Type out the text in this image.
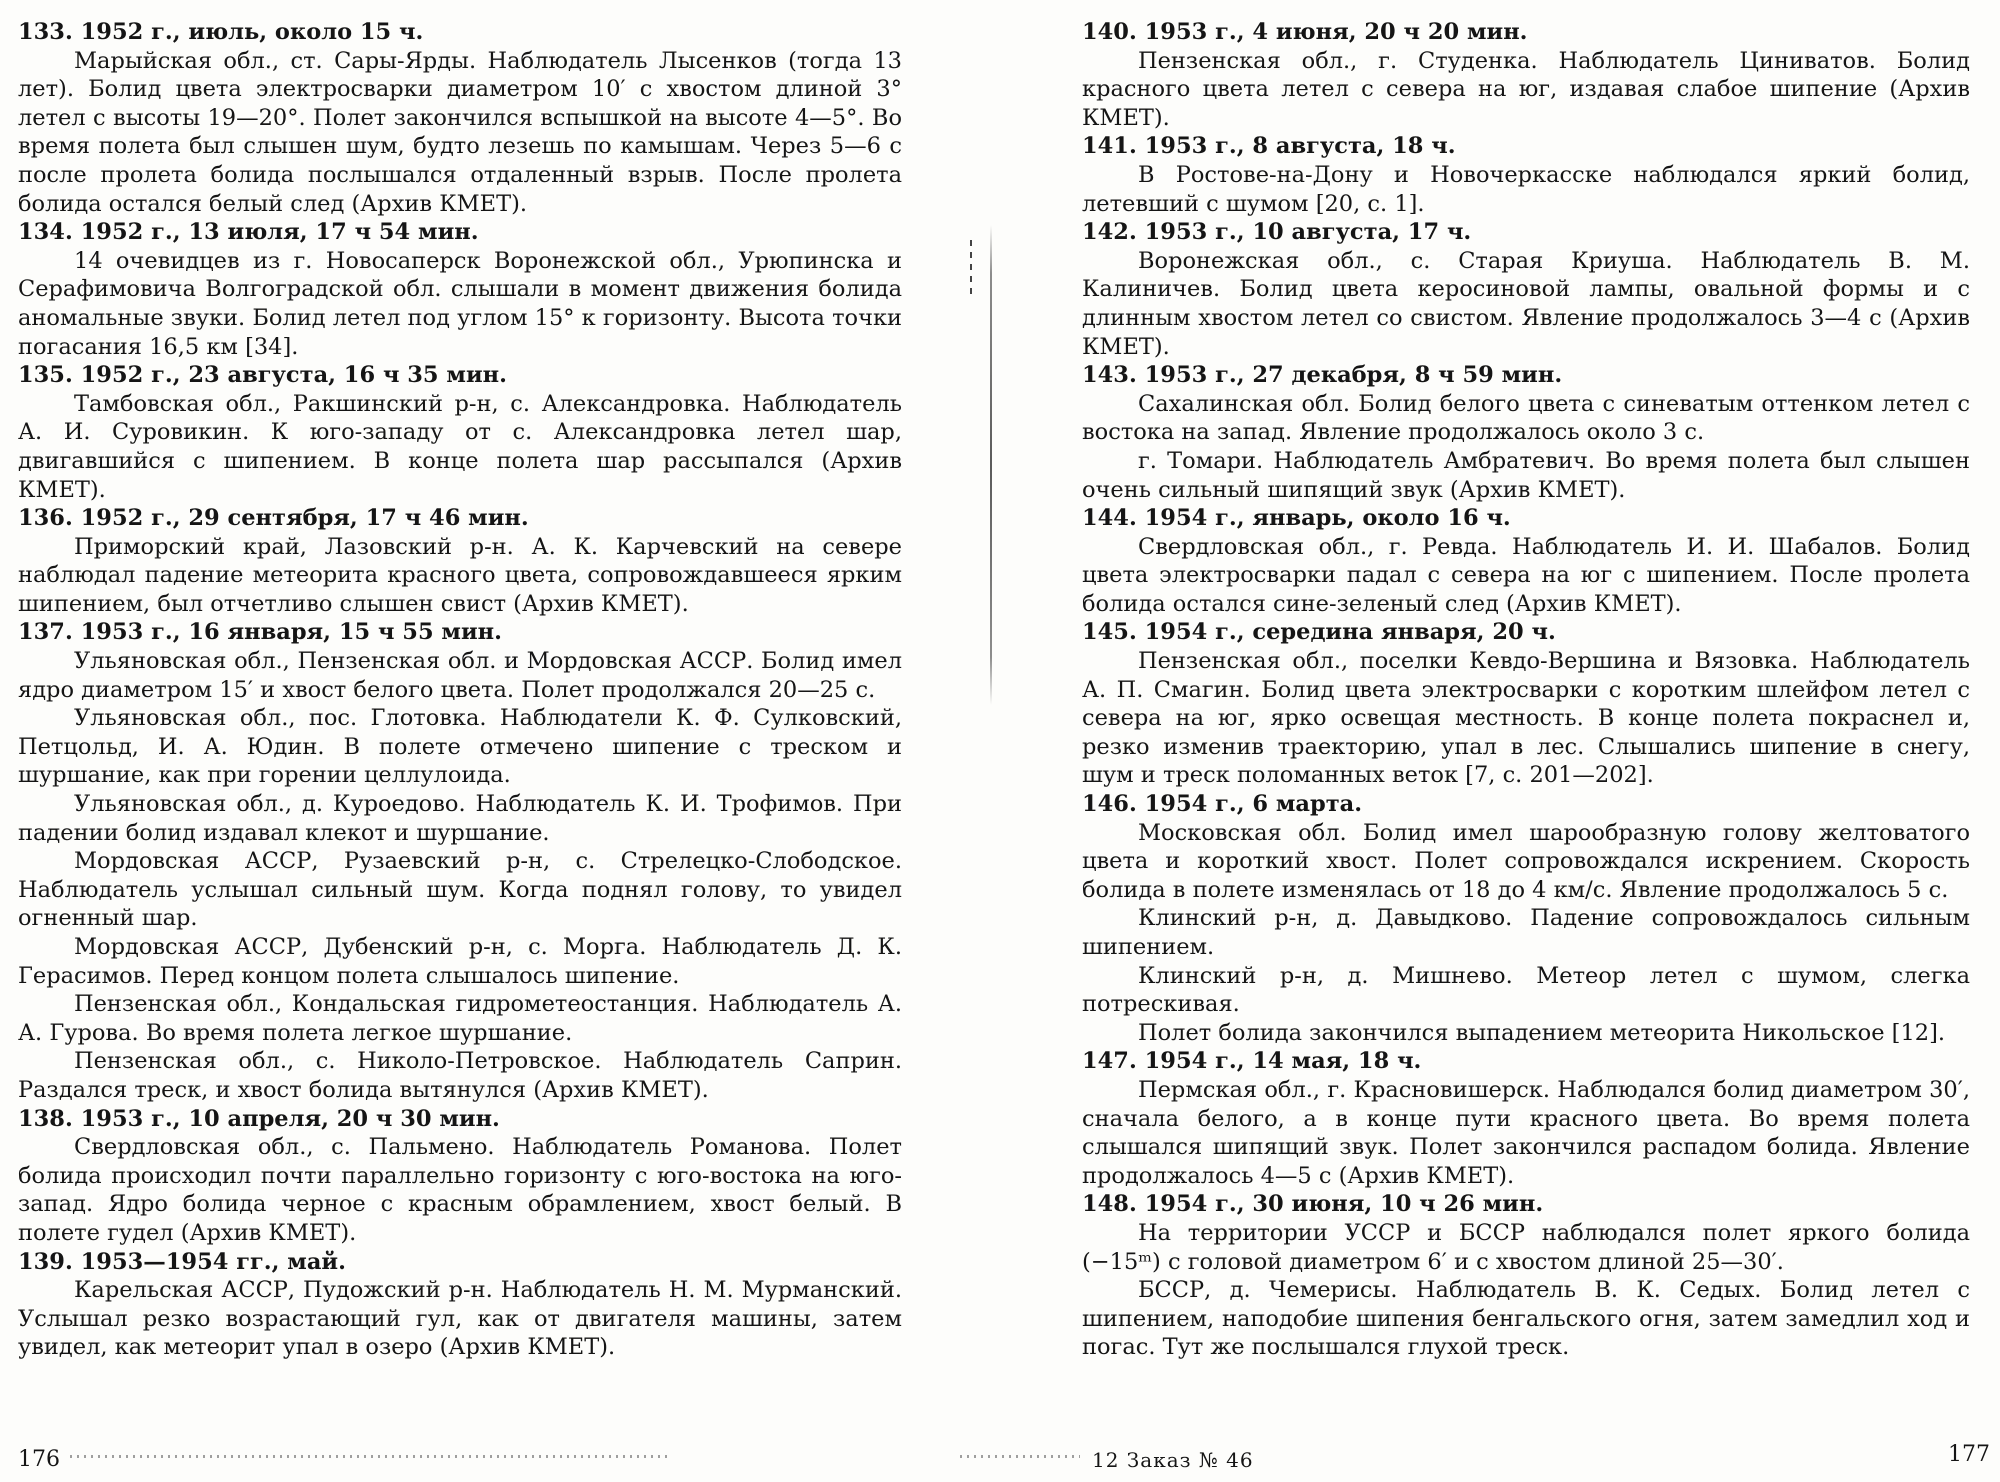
133. 1952 г., июль, около 15 ч.

Марыйская обл., ст. Сары-Ярды. Наблюдатель Лысенков (тогда 13 лет). Болид цвета электросварки диаметром 10′ с хвостом длиной 3° летел с высоты 19—20°. Полет закончился вспышкой на высоте 4—5°. Во время полета был слышен шум, будто лезешь по камышам. Через 5—6 с после пролета болида послышался отдаленный взрыв. После пролета болида остался белый след (Архив КМЕТ).

134. 1952 г., 13 июля, 17 ч 54 мин.

14 очевидцев из г. Новосаперск Воронежской обл., Урюпинска и Серафимовича Волгоградской обл. слышали в момент движения болида аномальные звуки. Болид летел под углом 15° к горизонту. Высота точки погасания 16,5 км [34].

135. 1952 г., 23 августа, 16 ч 35 мин.

Тамбовская обл., Ракшинский р-н, с. Александровка. Наблюдатель А. И. Суровикин. К юго-западу от с. Александровка летел шар, двигавшийся с шипением. В конце полета шар рассыпался (Архив КМЕТ).

136. 1952 г., 29 сентября, 17 ч 46 мин.

Приморский край, Лазовский р-н. А. К. Карчевский на севере наблюдал падение метеорита красного цвета, сопровождавшееся ярким шипением, был отчетливо слышен свист (Архив КМЕТ).

137. 1953 г., 16 января, 15 ч 55 мин.

Ульяновская обл., Пензенская обл. и Мордовская АССР. Болид имел ядро диаметром 15′ и хвост белого цвета. Полет продолжался 20—25 с.

Ульяновская обл., пос. Глотовка. Наблюдатели К. Ф. Сулковский, Петцольд, И. А. Юдин. В полете отмечено шипение с треском и шуршание, как при горении целлулоида.

Ульяновская обл., д. Куроедово. Наблюдатель К. И. Трофимов. При падении болид издавал клекот и шуршание.

Мордовская АССР, Рузаевский р-н, с. Стрелецко-Слободское. Наблюдатель услышал сильный шум. Когда поднял голову, то увидел огненный шар.

Мордовская АССР, Дубенский р-н, с. Морга. Наблюдатель Д. К. Герасимов. Перед концом полета слышалось шипение.

Пензенская обл., Кондальская гидрометеостанция. Наблюдатель А. А. Гурова. Во время полета легкое шуршание.

Пензенская обл., с. Николо-Петровское. Наблюдатель Саприн. Раздался треск, и хвост болида вытянулся (Архив КМЕТ).

138. 1953 г., 10 апреля, 20 ч 30 мин.

Свердловская обл., с. Пальмено. Наблюдатель Романова. Полет болида происходил почти параллельно горизонту с юго-востока на юго-запад. Ядро болида черное с красным обрамлением, хвост белый. В полете гудел (Архив КМЕТ).

139. 1953—1954 гг., май.

Карельская АССР, Пудожский р-н. Наблюдатель Н. М. Мурманский. Услышал резко возрастающий гул, как от двигателя машины, затем увидел, как метеорит упал в озеро (Архив КМЕТ).

140. 1953 г., 4 июня, 20 ч 20 мин.

Пензенская обл., г. Студенка. Наблюдатель Цинивaтов. Болид красного цвета летел с севера на юг, издавая слабое шипение (Архив КМЕТ).

141. 1953 г., 8 августа, 18 ч.

В Ростове-на-Дону и Новочеркасске наблюдался яркий болид, летевший с шумом [20, с. 1].

142. 1953 г., 10 августа, 17 ч.

Воронежская обл., с. Старая Криуша. Наблюдатель В. М. Калиничев. Болид цвета керосиновой лампы, овальной формы и с длинным хвостом летел со свистом. Явление продолжалось 3—4 с (Архив КМЕТ).

143. 1953 г., 27 декабря, 8 ч 59 мин.

Сахалинская обл. Болид белого цвета с синеватым оттенком летел с востока на запад. Явление продолжалось около 3 с.

г. Томари. Наблюдатель Амбратевич. Во время полета был слышен очень сильный шипящий звук (Архив КМЕТ).

144. 1954 г., январь, около 16 ч.

Свердловская обл., г. Ревда. Наблюдатель И. И. Шабалов. Болид цвета электросварки падал с севера на юг с шипением. После пролета болида остался сине-зеленый след (Архив КМЕТ).

145. 1954 г., середина января, 20 ч.

Пензенская обл., поселки Кевдо-Вершина и Вязовка. Наблюдатель А. П. Смагин. Болид цвета электросварки с коротким шлейфом летел с севера на юг, ярко освещая местность. В конце полета покраснел и, резко изменив траекторию, упал в лес. Слышались шипение в снегу, шум и треск поломанных веток [7, с. 201—202].

146. 1954 г., 6 марта.

Московская обл. Болид имел шарообразную голову желтоватого цвета и короткий хвост. Полет сопровождался искрением. Скорость болида в полете изменялась от 18 до 4 км/с. Явление продолжалось 5 с.

Клинский р-н, д. Давыдково. Падение сопровождалось сильным шипением.

Клинский р-н, д. Мишнево. Метеор летел с шумом, слегка потрескивая.

Полет болида закончился выпадением метеорита Никольское [12].

147. 1954 г., 14 мая, 18 ч.

Пермская обл., г. Красновишерск. Наблюдался болид диаметром 30′, сначала белого, а в конце пути красного цвета. Во время полета слышался шипящий звук. Полет закончился распадом болида. Явление продолжалось 4—5 с (Архив КМЕТ).

148. 1954 г., 30 июня, 10 ч 26 мин.

На территории УССР и БССР наблюдался полет яркого болида (−15ᵐ) с головой диаметром 6′ и с хвостом длиной 25—30′.

БССР, д. Чемерисы. Наблюдатель В. К. Седых. Болид летел с шипением, наподобие шипения бенгальского огня, затем замедлил ход и погас. Тут же послышался глухой треск.

176	12 Заказ № 46	177
